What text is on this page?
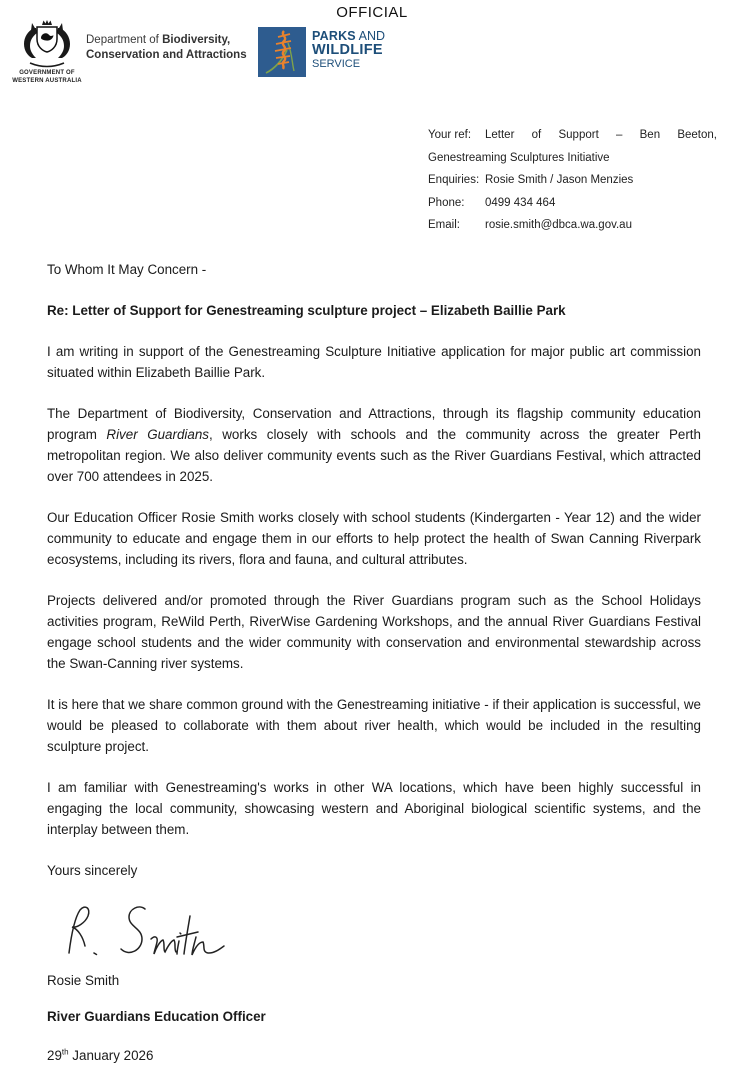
OFFICIAL
GOVERNMENT OF
WESTERN AUSTRALIA
Department of Biodiversity,
Conservation and Attractions
PARKS AND
WILDLIFE
SERVICE
Your ref:	Letter of Support – Ben Beeton,
Genestreaming Sculptures Initiative
Enquiries: Rosie Smith / Jason Menzies
Phone:	0499 434 464
Email:	rosie.smith@dbca.wa.gov.au

To Whom It May Concern -

Re: Letter of Support for Genestreaming sculpture project – Elizabeth Baillie Park

I am writing in support of the Genestreaming Sculpture Initiative application for major public art commission situated within Elizabeth Baillie Park.

The Department of Biodiversity, Conservation and Attractions, through its flagship community education program River Guardians, works closely with schools and the community across the greater Perth metropolitan region. We also deliver community events such as the River Guardians Festival, which attracted over 700 attendees in 2025.

Our Education Officer Rosie Smith works closely with school students (Kindergarten - Year 12) and the wider community to educate and engage them in our efforts to help protect the health of Swan Canning Riverpark ecosystems, including its rivers, flora and fauna, and cultural attributes.

Projects delivered and/or promoted through the River Guardians program such as the School Holidays activities program, ReWild Perth, RiverWise Gardening Workshops, and the annual River Guardians Festival engage school students and the wider community with conservation and environmental stewardship across the Swan-Canning river systems.

It is here that we share common ground with the Genestreaming initiative - if their application is successful, we would be pleased to collaborate with them about river health, which would be included in the resulting sculpture project.

I am familiar with Genestreaming's works in other WA locations, which have been highly successful in engaging the local community, showcasing western and Aboriginal biological scientific systems, and the interplay between them.

Yours sincerely

Rosie Smith

River Guardians Education Officer

29th January 2026
